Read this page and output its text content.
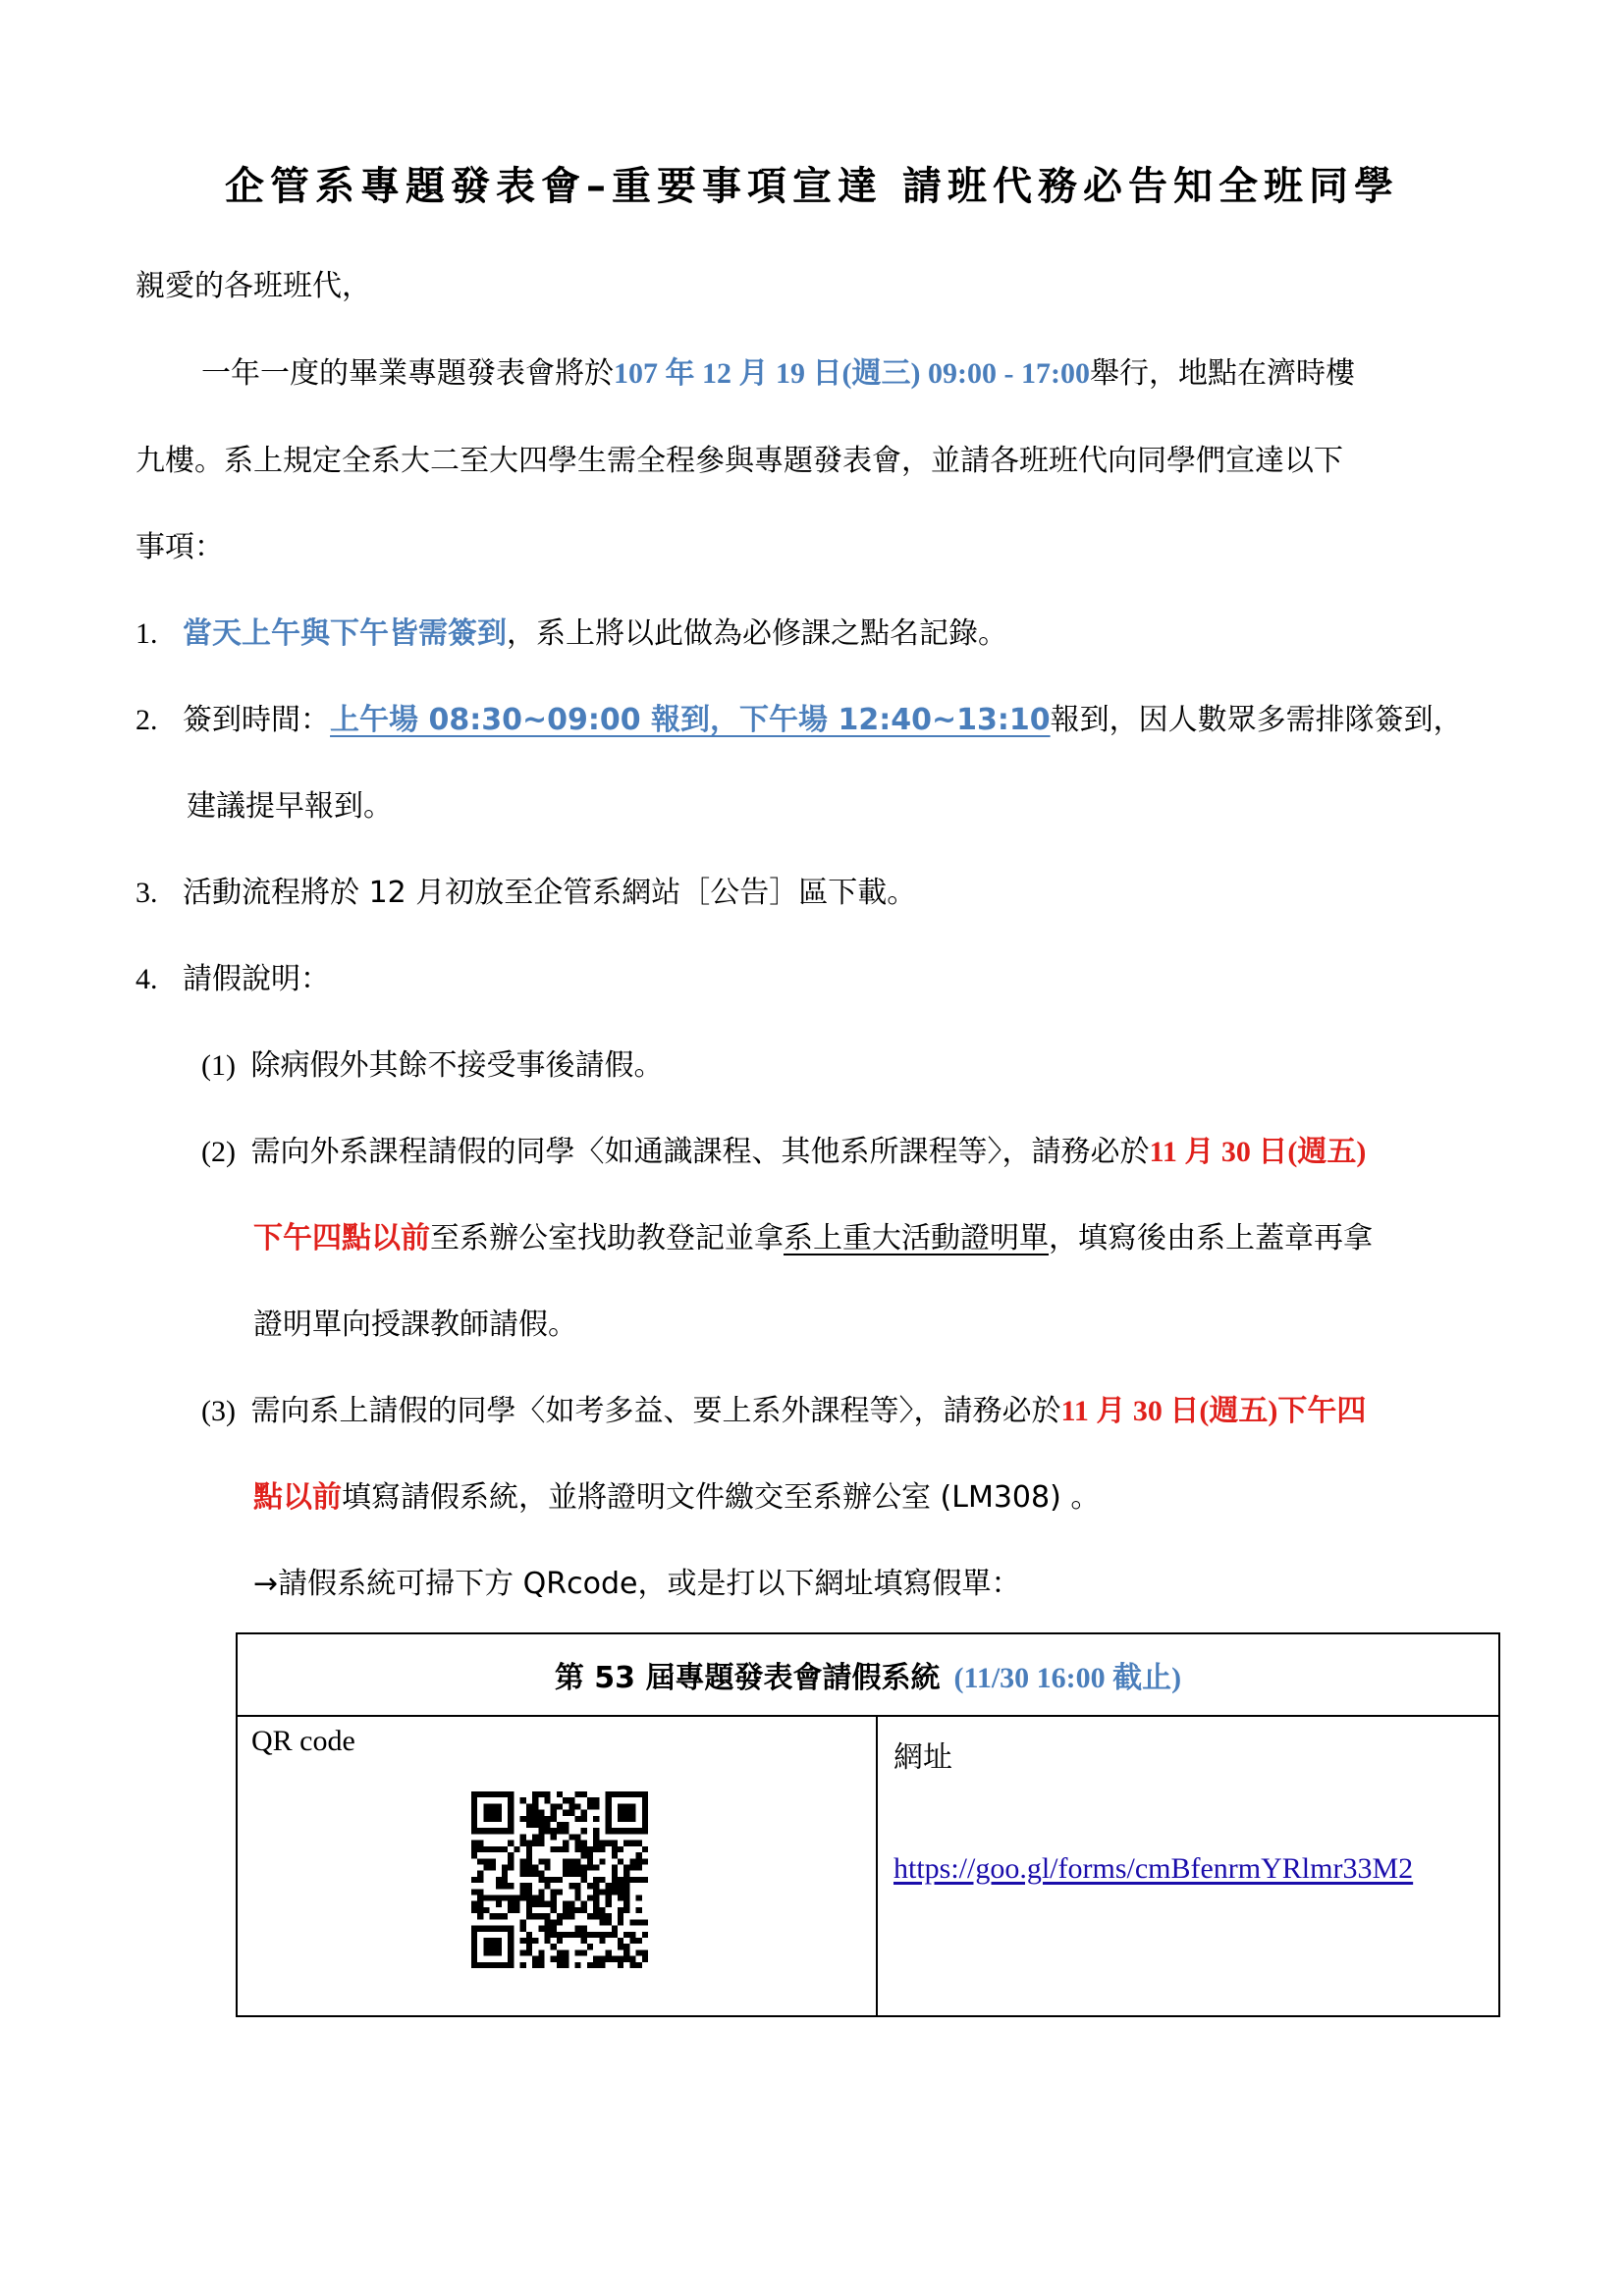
企管系專題發表會–重要事項宣達 請班代務必告知全班同學
親愛的各班班代，
一年一度的畢業專題發表會將於107 年 12 月 19 日(週三) 09:00 - 17:00舉行，地點在濟時樓
九樓。系上規定全系大二至大四學生需全程參與專題發表會，並請各班班代向同學們宣達以下
事項：
1. 當天上午與下午皆需簽到，系上將以此做為必修課之點名記錄。
2. 簽到時間：上午場 08:30~09:00 報到，下午場 12:40~13:10報到，因人數眾多需排隊簽到，
建議提早報到。
3. 活動流程將於 12 月初放至企管系網站［公告］區下載。
4. 請假說明：
(1) 除病假外其餘不接受事後請假。
(2) 需向外系課程請假的同學〈如通識課程、其他系所課程等〉，請務必於11 月 30 日(週五)
下午四點以前至系辦公室找助教登記並拿系上重大活動證明單，填寫後由系上蓋章再拿
證明單向授課教師請假。
(3) 需向系上請假的同學〈如考多益、要上系外課程等〉，請務必於11 月 30 日(週五)下午四
點以前填寫請假系統，並將證明文件繳交至系辦公室 (LM308) 。
→請假系統可掃下方 QRcode，或是打以下網址填寫假單：
第 53 屆專題發表會請假系統 (11/30 16:00 截止)
QR code	網址
https://goo.gl/forms/cmBfenrmYRlmr33M2
